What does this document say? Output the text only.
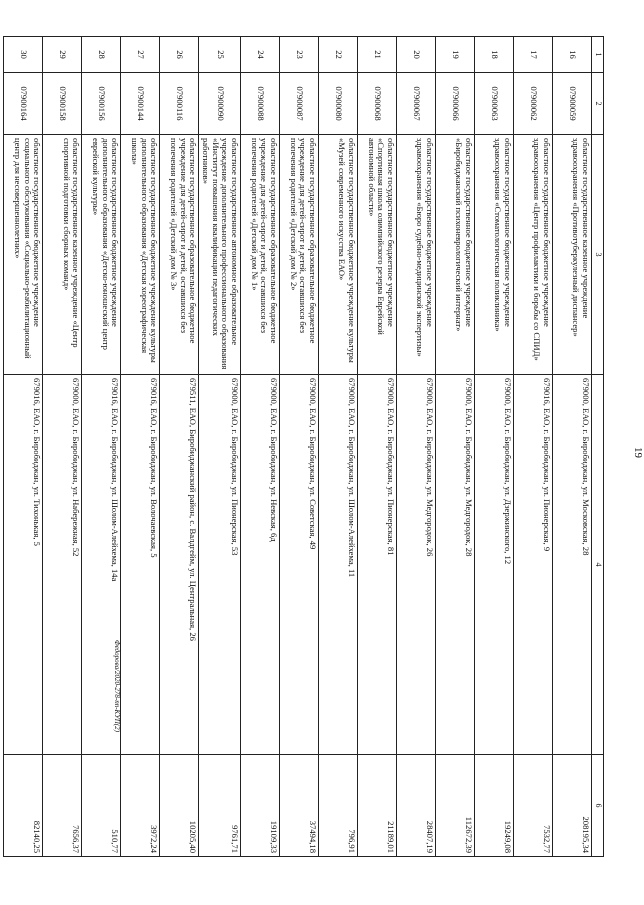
19
1	2	3	4	6
16	07900059	областное государственное казенное учреждение здравоохранения «Противотуберкулезный диспансер»	679000, ЕАО, г. Биробиджан, ул. Московская, 28	208195,34
17	07900062	областное государственное бюджетное учреждение здравоохранения «Центр профилактики и борьбы со СПИД»	679016, ЕАО, г. Биробиджан, ул. Пионерская, 9	7532,77
18	07900063	областное государственное бюджетное учреждение здравоохранения «Стоматологическая поликлиника»	679000, ЕАО, г. Биробиджан, ул. Дзержинского, 12	19249,08
19	07900066	областное государственное бюджетное учреждение «Биробиджанский психоневрологический интернат»	679000, ЕАО, г. Биробиджан, ул. Медгородок, 28	112672,39
20	07900067	областное государственное бюджетное учреждение здравоохранения «Бюро судебно-медицинской экспертизы»	679000, ЕАО, г. Биробиджан, ул. Медгородок, 26	28407,19
21	07900068	областное государственное бюджетное учреждение «Спортивная школа олимпийского резерва Еврейской автономной области»	679000, ЕАО, г. Биробиджан, ул. Пионерская, 81	21189,01
22	07900080	областное государственное бюджетное учреждение культуры «Музей современного искусства ЕАО»	679000, ЕАО, г. Биробиджан, ул. Шолом-Алейхема, 11	796,91
23	07900087	областное государственное образовательное бюджетное учреждение для детей-сирот и детей, оставшихся без попечения родителей «Детский дом № 2»	679000, ЕАО, г. Биробиджан, ул. Советская, 49	37494,18
24	07900088	областное государственное образовательное бюджетное учреждение для детей-сирот и детей, оставшихся без попечения родителей «Детский дом № 1»	679000, ЕАО, г. Биробиджан, ул. Невская, 6д	19109,33
25	07900090	областное государственное автономное образовательное учреждение дополнительного профессионального образования «Институт повышения квалификации педагогических работников»	679000, ЕАО, г. Биробиджан, ул. Пионерская, 53	9761,71
26	07900116	областное государственное образовательное бюджетное учреждение для детей-сирот и детей, оставшихся без попечения родителей «Детский дом № 3»	679511, ЕАО, Биробиджанский район, с. Валдгейм, ул. Центральная, 26	10205,40
27	07900144	областное государственное бюджетное учреждение культуры дополнительного образования «Детская хореографическая школа»	679016, ЕАО, г. Биробиджан, ул. Волочаевская, 5	3972,24
28	07900156	областное государственное бюджетное учреждение дополнительного образования «Детско-юношеский центр еврейской культуры»	679016, ЕАО, г. Биробиджан, ул. Шолом-Алейхема, 14а	510,77
29	07900158	областное государственное казенное учреждение «Центр спортивной подготовки сборных команд»	679000, ЕАО, г. Биробиджан, ул. Набережная, 52	7656,37
30	07900164	областное государственное бюджетное учреждение социального обслуживания «Социально-реабилитационный центр для несовершеннолетних»	679016, ЕАО, г. Биробиджан, ул. Тихонькая, 5	82140,25
Федорова/2020-278-пп-КУП(2)
